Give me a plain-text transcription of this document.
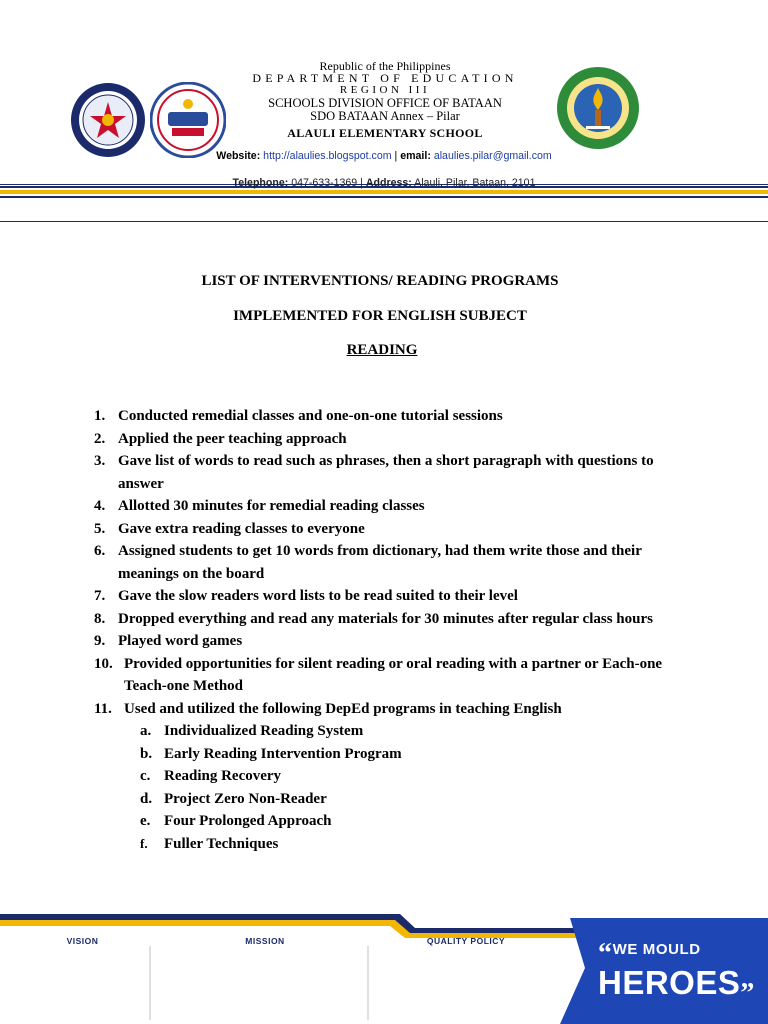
Republic of the Philippines
DEPARTMENT OF EDUCATION
REGION III
SCHOOLS DIVISION OFFICE OF BATAAN
SDO BATAAN Annex – Pilar
ALAULI ELEMENTARY SCHOOL
Website: http://alaulies.blogspot.com | email: alaulies.pilar@gmail.com
Telephone: 047-633-1369 | Address: Alauli, Pilar, Bataan, 2101
LIST OF INTERVENTIONS/ READING PROGRAMS
IMPLEMENTED FOR ENGLISH SUBJECT
READING
1. Conducted remedial classes and one-on-one tutorial sessions
2. Applied the peer teaching approach
3. Gave list of words to read such as phrases, then a short paragraph with questions to answer
4. Allotted 30 minutes for remedial reading classes
5. Gave extra reading classes to everyone
6. Assigned students to get 10 words from dictionary, had them write those and their meanings on the board
7. Gave the slow readers word lists to be read suited to their level
8. Dropped everything and read any materials for 30 minutes after regular class hours
9. Played word games
10. Provided opportunities for silent reading or oral reading with a partner or Each-one Teach-one Method
11. Used and utilized the following DepEd programs in teaching English
a. Individualized Reading System
b. Early Reading Intervention Program
c. Reading Recovery
d. Project Zero Non-Reader
e. Four Prolonged Approach
f.	Fuller Techniques
VISION	MISSION	QUALITY POLICY	“WE MOULD
$HEROES_”$
